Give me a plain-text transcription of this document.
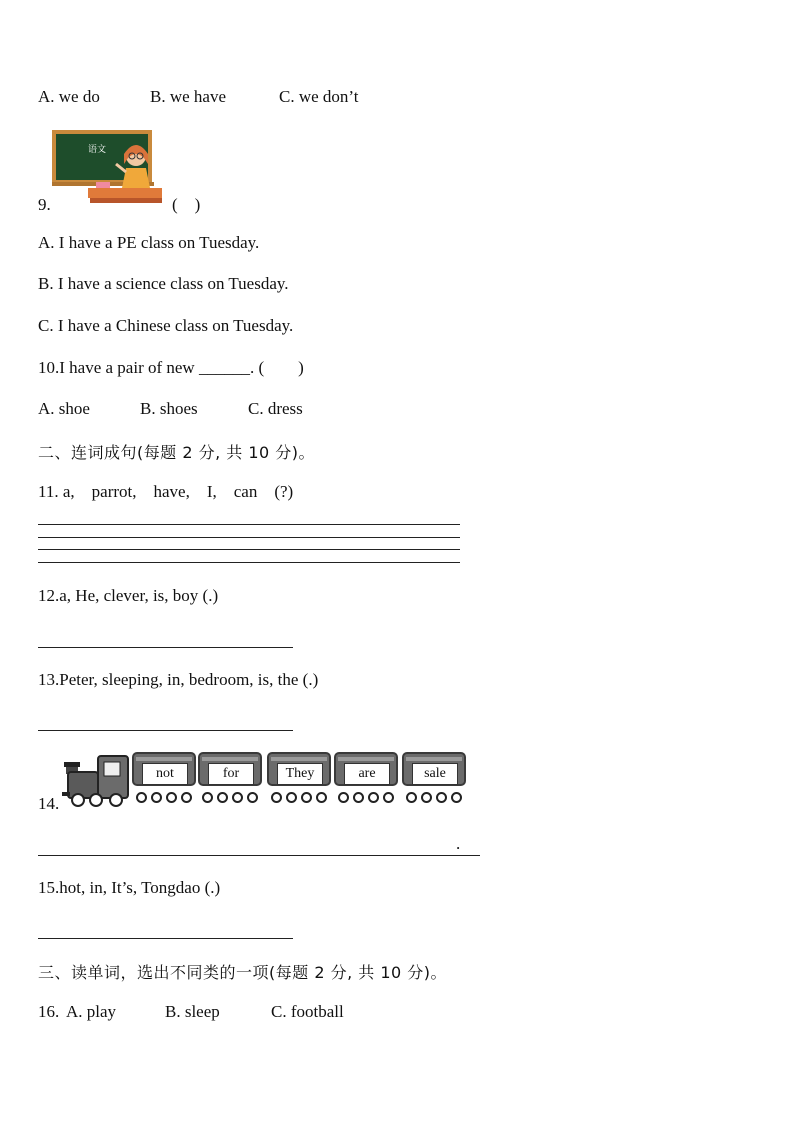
A. we do	B. we have	C. we don’t
语文
9.	(　)
A. I have a PE class on Tuesday.
B. I have a science class on Tuesday.
C. I have a Chinese class on Tuesday.
10.I have a pair of new ______. (　　)
A. shoe	B. shoes	C. dress
二、连词成句(每题 2 分, 共 10 分)。
11. a,    parrot,    have,    I,    can    (?)
12.a, He, clever, is, boy (.)
13.Peter, sleeping, in, bedroom, is, the (.)
14.
not	for	They	are	sale
.
15.hot, in, It’s, Tongdao (.)
三、读单词，选出不同类的一项(每题 2 分, 共 10 分)。
16. A. play	B. sleep	C. football
